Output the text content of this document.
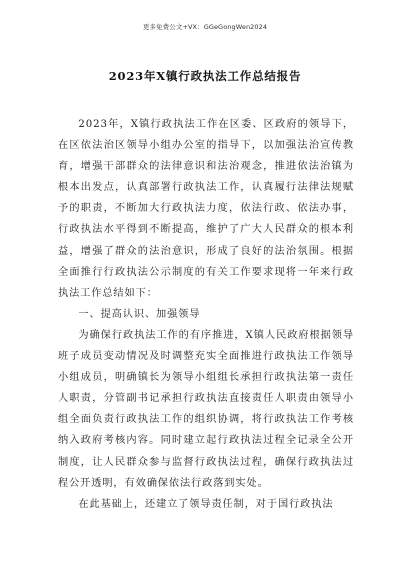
更多免费公文+VX：GGeGongWen2024
2023年X镇行政执法工作总结报告

2023年，X镇行政执法工作在区委、区政府的领导下，在区依法治区领导小组办公室的指导下，以加强法治宣传教育，增强干部群众的法律意识和法治观念，推进依法治镇为根本出发点，认真部署行政执法工作，认真履行法律法规赋予的职责，不断加大行政执法力度，依法行政、依法办事，行政执法水平得到不断提高，维护了广大人民群众的根本利益，增强了群众的法治意识，形成了良好的法治氛围。根据全面推行行政执法公示制度的有关工作要求现将一年来行政执法工作总结如下：

一、提高认识、加强领导

为确保行政执法工作的有序推进，X镇人民政府根据领导班子成员变动情况及时调整充实全面推进行政执法工作领导小组成员，明确镇长为领导小组组长承担行政执法第一责任人职责，分管副书记承担行政执法直接责任人职责由领导小组全面负责行政执法工作的组织协调，将行政执法工作考核纳入政府考核内容。同时建立起行政执法过程全记录全公开制度，让人民群众参与监督行政执法过程，确保行政执法过程公开透明，有效确保依法行政落到实处。

在此基础上，还建立了领导责任制，对于国行政执法
